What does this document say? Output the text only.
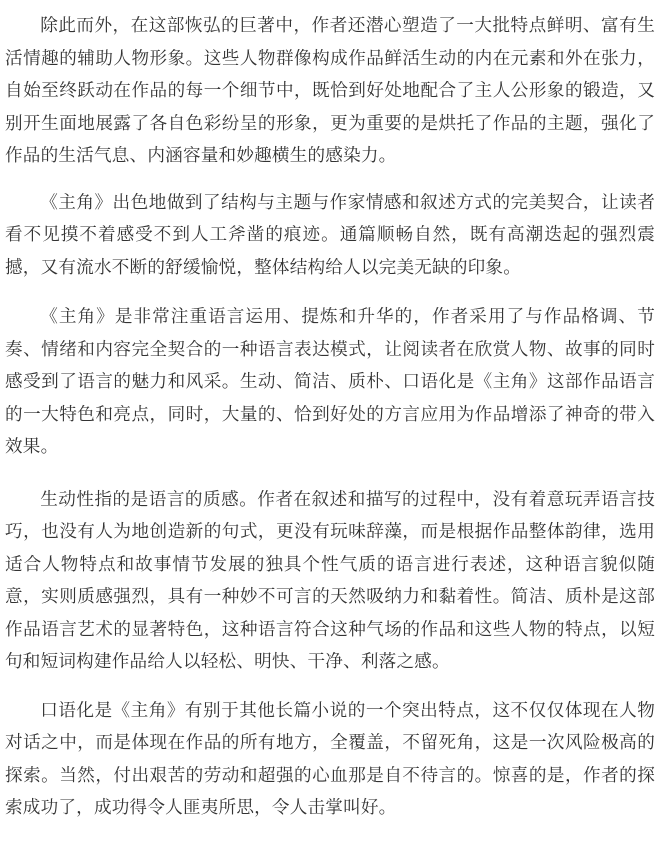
除此而外，在这部恢弘的巨著中，作者还潜心塑造了一大批特点鲜明、富有生活情趣的辅助人物形象。这些人物群像构成作品鲜活生动的内在元素和外在张力，自始至终跃动在作品的每一个细节中，既恰到好处地配合了主人公形象的锻造，又别开生面地展露了各自色彩纷呈的形象，更为重要的是烘托了作品的主题，强化了作品的生活气息、内涵容量和妙趣横生的感染力。

《主角》出色地做到了结构与主题与作家情感和叙述方式的完美契合，让读者看不见摸不着感受不到人工斧凿的痕迹。通篇顺畅自然，既有高潮迭起的强烈震撼，又有流水不断的舒缓愉悦，整体结构给人以完美无缺的印象。

《主角》是非常注重语言运用、提炼和升华的，作者采用了与作品格调、节奏、情绪和内容完全契合的一种语言表达模式，让阅读者在欣赏人物、故事的同时感受到了语言的魅力和风采。生动、简洁、质朴、口语化是《主角》这部作品语言的一大特色和亮点，同时，大量的、恰到好处的方言应用为作品增添了神奇的带入效果。

生动性指的是语言的质感。作者在叙述和描写的过程中，没有着意玩弄语言技巧，也没有人为地创造新的句式，更没有玩味辞藻，而是根据作品整体韵律，选用适合人物特点和故事情节发展的独具个性气质的语言进行表述，这种语言貌似随意，实则质感强烈，具有一种妙不可言的天然吸纳力和黏着性。简洁、质朴是这部作品语言艺术的显著特色，这种语言符合这种气场的作品和这些人物的特点，以短句和短词构建作品给人以轻松、明快、干净、利落之感。

口语化是《主角》有别于其他长篇小说的一个突出特点，这不仅仅体现在人物对话之中，而是体现在作品的所有地方，全覆盖，不留死角，这是一次风险极高的探索。当然，付出艰苦的劳动和超强的心血那是自不待言的。惊喜的是，作者的探索成功了，成功得令人匪夷所思，令人击掌叫好。
